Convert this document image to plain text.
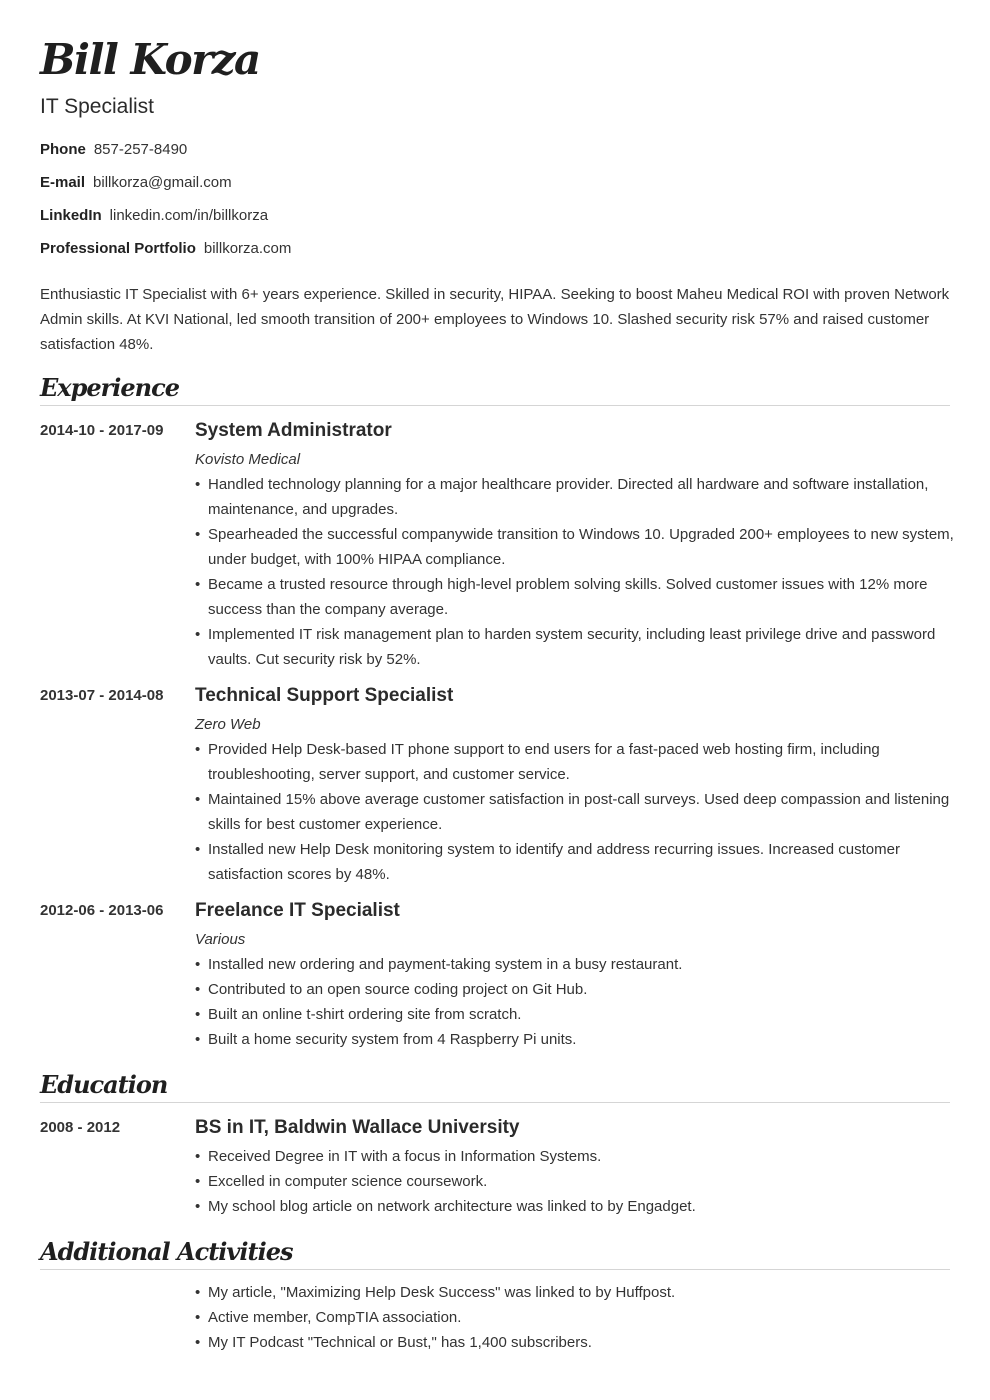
Bill Korza
IT Specialist
Phone 857-257-8490
E-mail billkorza@gmail.com
LinkedIn linkedin.com/in/billkorza
Professional Portfolio billkorza.com
Enthusiastic IT Specialist with 6+ years experience. Skilled in security, HIPAA. Seeking to boost Maheu Medical ROI with proven Network Admin skills. At KVI National, led smooth transition of 200+ employees to Windows 10. Slashed security risk 57% and raised customer satisfaction 48%.
Experience
2014-10 - 2017-09 System Administrator
Kovisto Medical
• Handled technology planning for a major healthcare provider. Directed all hardware and software installation, maintenance, and upgrades.
• Spearheaded the successful companywide transition to Windows 10. Upgraded 200+ employees to new system, under budget, with 100% HIPAA compliance.
• Became a trusted resource through high-level problem solving skills. Solved customer issues with 12% more success than the company average.
• Implemented IT risk management plan to harden system security, including least privilege drive and password vaults. Cut security risk by 52%.
2013-07 - 2014-08 Technical Support Specialist
Zero Web
• Provided Help Desk-based IT phone support to end users for a fast-paced web hosting firm, including troubleshooting, server support, and customer service.
• Maintained 15% above average customer satisfaction in post-call surveys. Used deep compassion and listening skills for best customer experience.
• Installed new Help Desk monitoring system to identify and address recurring issues. Increased customer satisfaction scores by 48%.
2012-06 - 2013-06 Freelance IT Specialist
Various
• Installed new ordering and payment-taking system in a busy restaurant.
• Contributed to an open source coding project on Git Hub.
• Built an online t-shirt ordering site from scratch.
• Built a home security system from 4 Raspberry Pi units.
Education
2008 - 2012	BS in IT, Baldwin Wallace University
• Received Degree in IT with a focus in Information Systems.
• Excelled in computer science coursework.
• My school blog article on network architecture was linked to by Engadget.
Additional Activities
• My article, "Maximizing Help Desk Success" was linked to by Huffpost.
• Active member, CompTIA association.
• My IT Podcast "Technical or Bust," has 1,400 subscribers.
